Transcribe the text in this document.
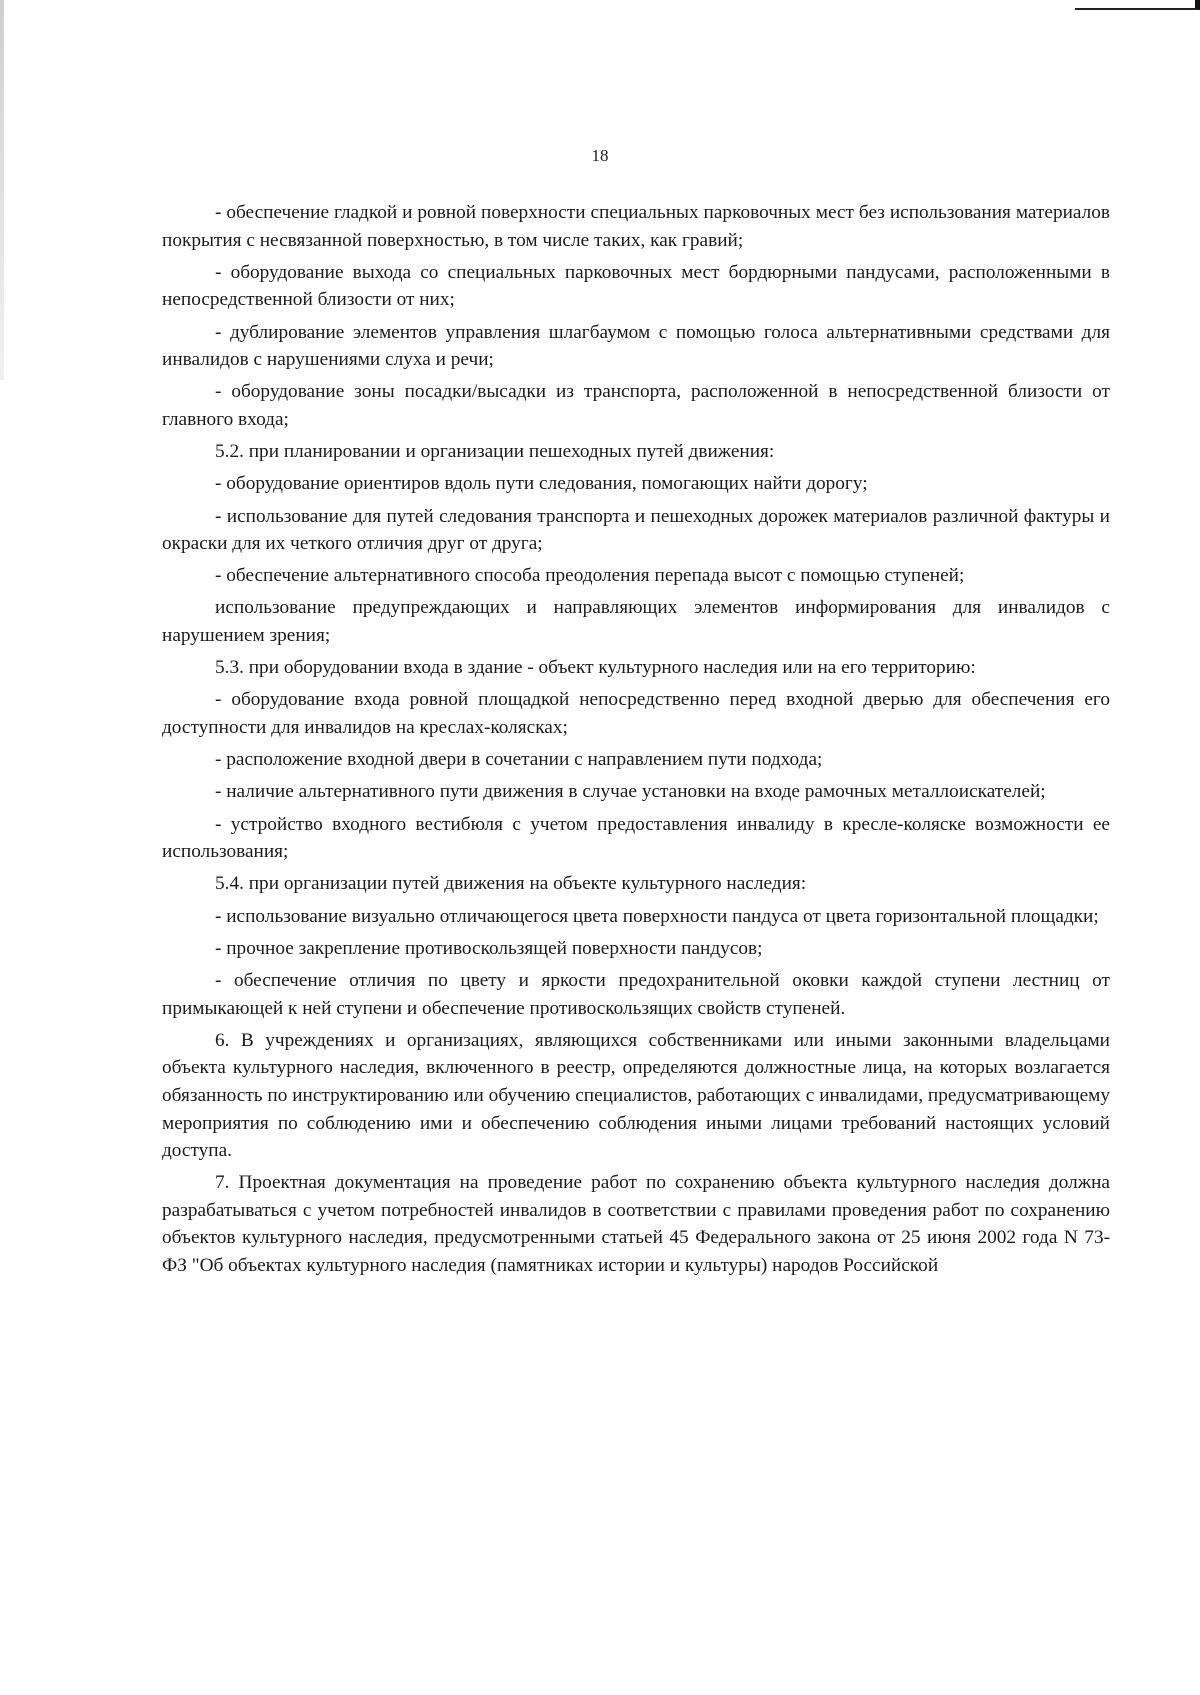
18

- обеспечение гладкой и ровной поверхности специальных парковочных мест без использования материалов покрытия с несвязанной поверхностью, в том числе таких, как гравий;

- оборудование выхода со специальных парковочных мест бордюрными пандусами, расположенными в непосредственной близости от них;

- дублирование элементов управления шлагбаумом с помощью голоса альтернативными средствами для инвалидов с нарушениями слуха и речи;

- оборудование зоны посадки/высадки из транспорта, расположенной в непосредственной близости от главного входа;

5.2. при планировании и организации пешеходных путей движения:

- оборудование ориентиров вдоль пути следования, помогающих найти дорогу;

- использование для путей следования транспорта и пешеходных дорожек материалов различной фактуры и окраски для их четкого отличия друг от друга;

- обеспечение альтернативного способа преодоления перепада высот с помощью ступеней;

использование предупреждающих и направляющих элементов информирования для инвалидов с нарушением зрения;

5.3. при оборудовании входа в здание - объект культурного наследия или на его территорию:

- оборудование входа ровной площадкой непосредственно перед входной дверью для обеспечения его доступности для инвалидов на креслах-колясках;

- расположение входной двери в сочетании с направлением пути подхода;

- наличие альтернативного пути движения в случае установки на входе рамочных металлоискателей;

- устройство входного вестибюля с учетом предоставления инвалиду в кресле-коляске возможности ее использования;

5.4. при организации путей движения на объекте культурного наследия:

- использование визуально отличающегося цвета поверхности пандуса от цвета горизонтальной площадки;

- прочное закрепление противоскользящей поверхности пандусов;

- обеспечение отличия по цвету и яркости предохранительной оковки каждой ступени лестниц от примыкающей к ней ступени и обеспечение противоскользящих свойств ступеней.

6. В учреждениях и организациях, являющихся собственниками или иными законными владельцами объекта культурного наследия, включенного в реестр, определяются должностные лица, на которых возлагается обязанность по инструктированию или обучению специалистов, работающих с инвалидами, предусматривающему мероприятия по соблюдению ими и обеспечению соблюдения иными лицами требований настоящих условий доступа.

7. Проектная документация на проведение работ по сохранению объекта культурного наследия должна разрабатываться с учетом потребностей инвалидов в соответствии с правилами проведения работ по сохранению объектов культурного наследия, предусмотренными статьей 45 Федерального закона от 25 июня 2002 года N 73-ФЗ "Об объектах культурного наследия (памятниках истории и культуры) народов Российской
